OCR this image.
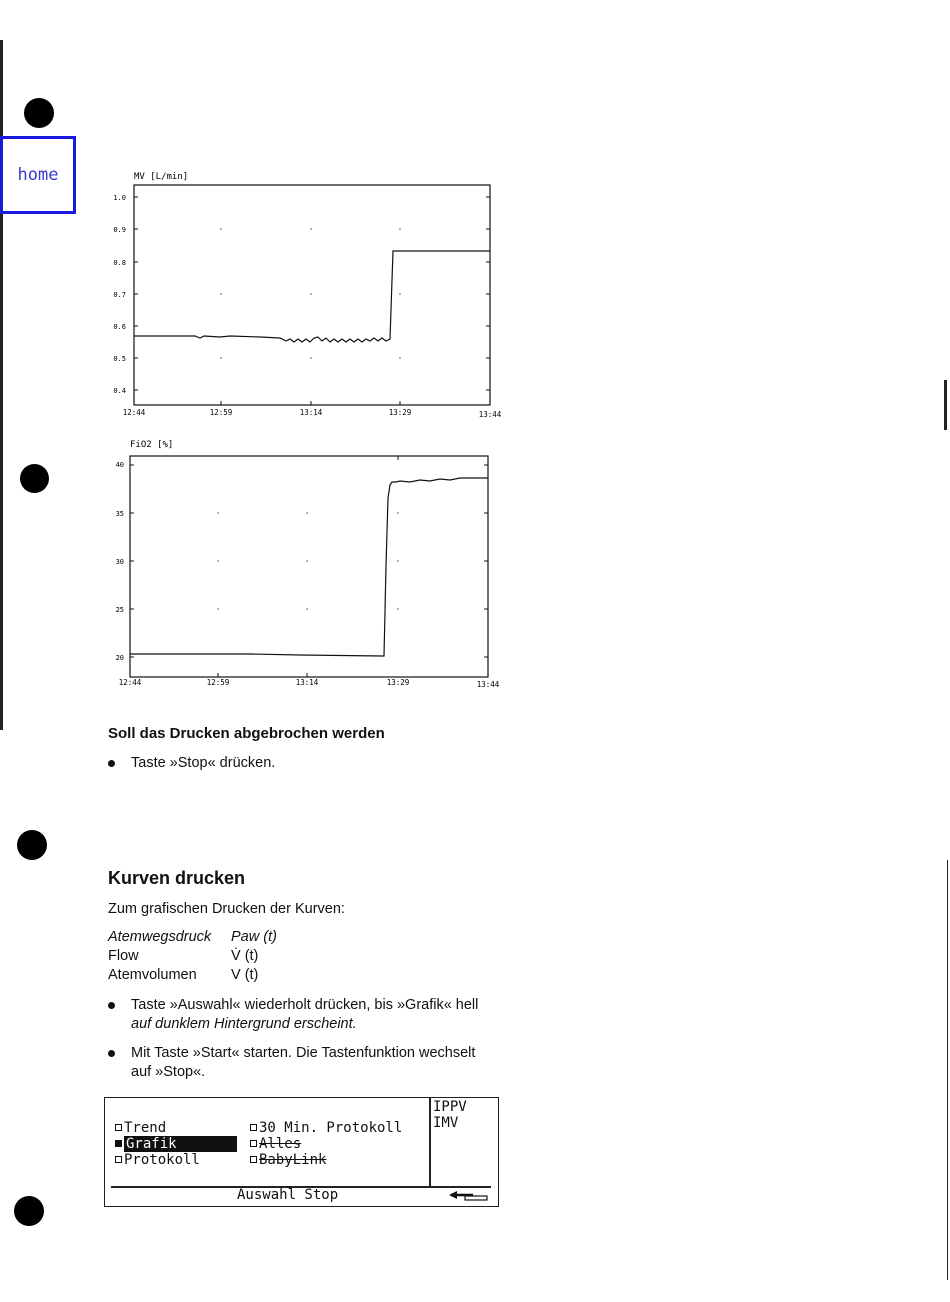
home	MV [L/min]
1.0
0.9
0.8
0.7
0.6
0.5
0.4
12:44	12:59	13:14	13:29	13:44
FiO2 [%]
40
35
30
25
20
12:44	12:59	13:14	13:29	13:44
Soll das Drucken abgebrochen werden
Taste »Stop« drücken.
Kurven drucken
Zum grafischen Drucken der Kurven:
Atemwegsdruck Paw (t)
Flow	V̇ (t)
Atemvolumen V (t)
Taste »Auswahl« wiederholt drücken, bis »Grafik« hell
auf dunklem Hintergrund erscheint.
Mit Taste »Start« starten. Die Tastenfunktion wechselt
auf »Stop«.
Trend
Grafik
Protokoll
30 Min. Protokoll
Alles
BabyLink
IPPV
IMV
Auswahl Stop
